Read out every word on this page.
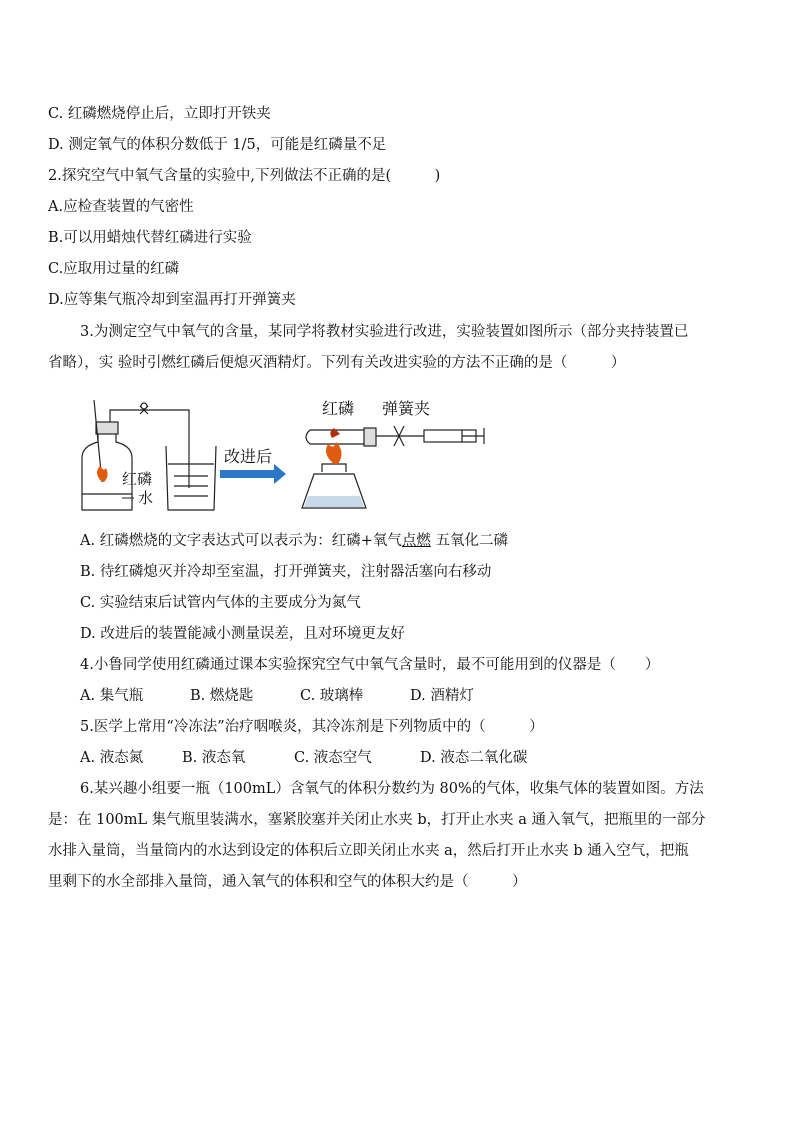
C. 红磷燃烧停止后，立即打开铁夹
D. 测定氧气的体积分数低于 1/5，可能是红磷量不足
2.探究空气中氧气含量的实验中,下列做法不正确的是(　　　)
A.应检查装置的气密性
B.可以用蜡烛代替红磷进行实验
C.应取用过量的红磷
D.应等集气瓶冷却到室温再打开弹簧夹
3.为测定空气中氧气的含量，某同学将教材实验进行改进，实验装置如图所示（部分夹持装置已
省略），实 验时引燃红磷后便熄灭酒精灯。下列有关改进实验的方法不正确的是（　　　）
红磷
水
改进后
红磷 弹簧夹
A. 红磷燃烧的文字表达式可以表示为：红磷+氧气点燃 五氧化二磷
B. 待红磷熄灭并冷却至室温，打开弹簧夹，注射器活塞向右移动
C. 实验结束后试管内气体的主要成分为氮气
D. 改进后的装置能减小测量误差，且对环境更友好
4.小鲁同学使用红磷通过课本实验探究空气中氧气含量时，最不可能用到的仪器是（　　）
A. 集气瓶	B. 燃烧匙	C. 玻璃棒	D. 酒精灯
5.医学上常用“冷冻法”治疗咽喉炎，其冷冻剂是下列物质中的（　　　）
A. 液态氮	B. 液态氧	C. 液态空气	D. 液态二氧化碳
6.某兴趣小组要一瓶（100mL）含氧气的体积分数约为 80%的气体，收集气体的装置如图。方法
是：在 100mL 集气瓶里装满水，塞紧胶塞并关闭止水夹 b，打开止水夹 a 通入氧气，把瓶里的一部分
水排入量筒，当量筒内的水达到设定的体积后立即关闭止水夹 a，然后打开止水夹 b 通入空气，把瓶
里剩下的水全部排入量筒，通入氧气的体积和空气的体积大约是（　　　）
